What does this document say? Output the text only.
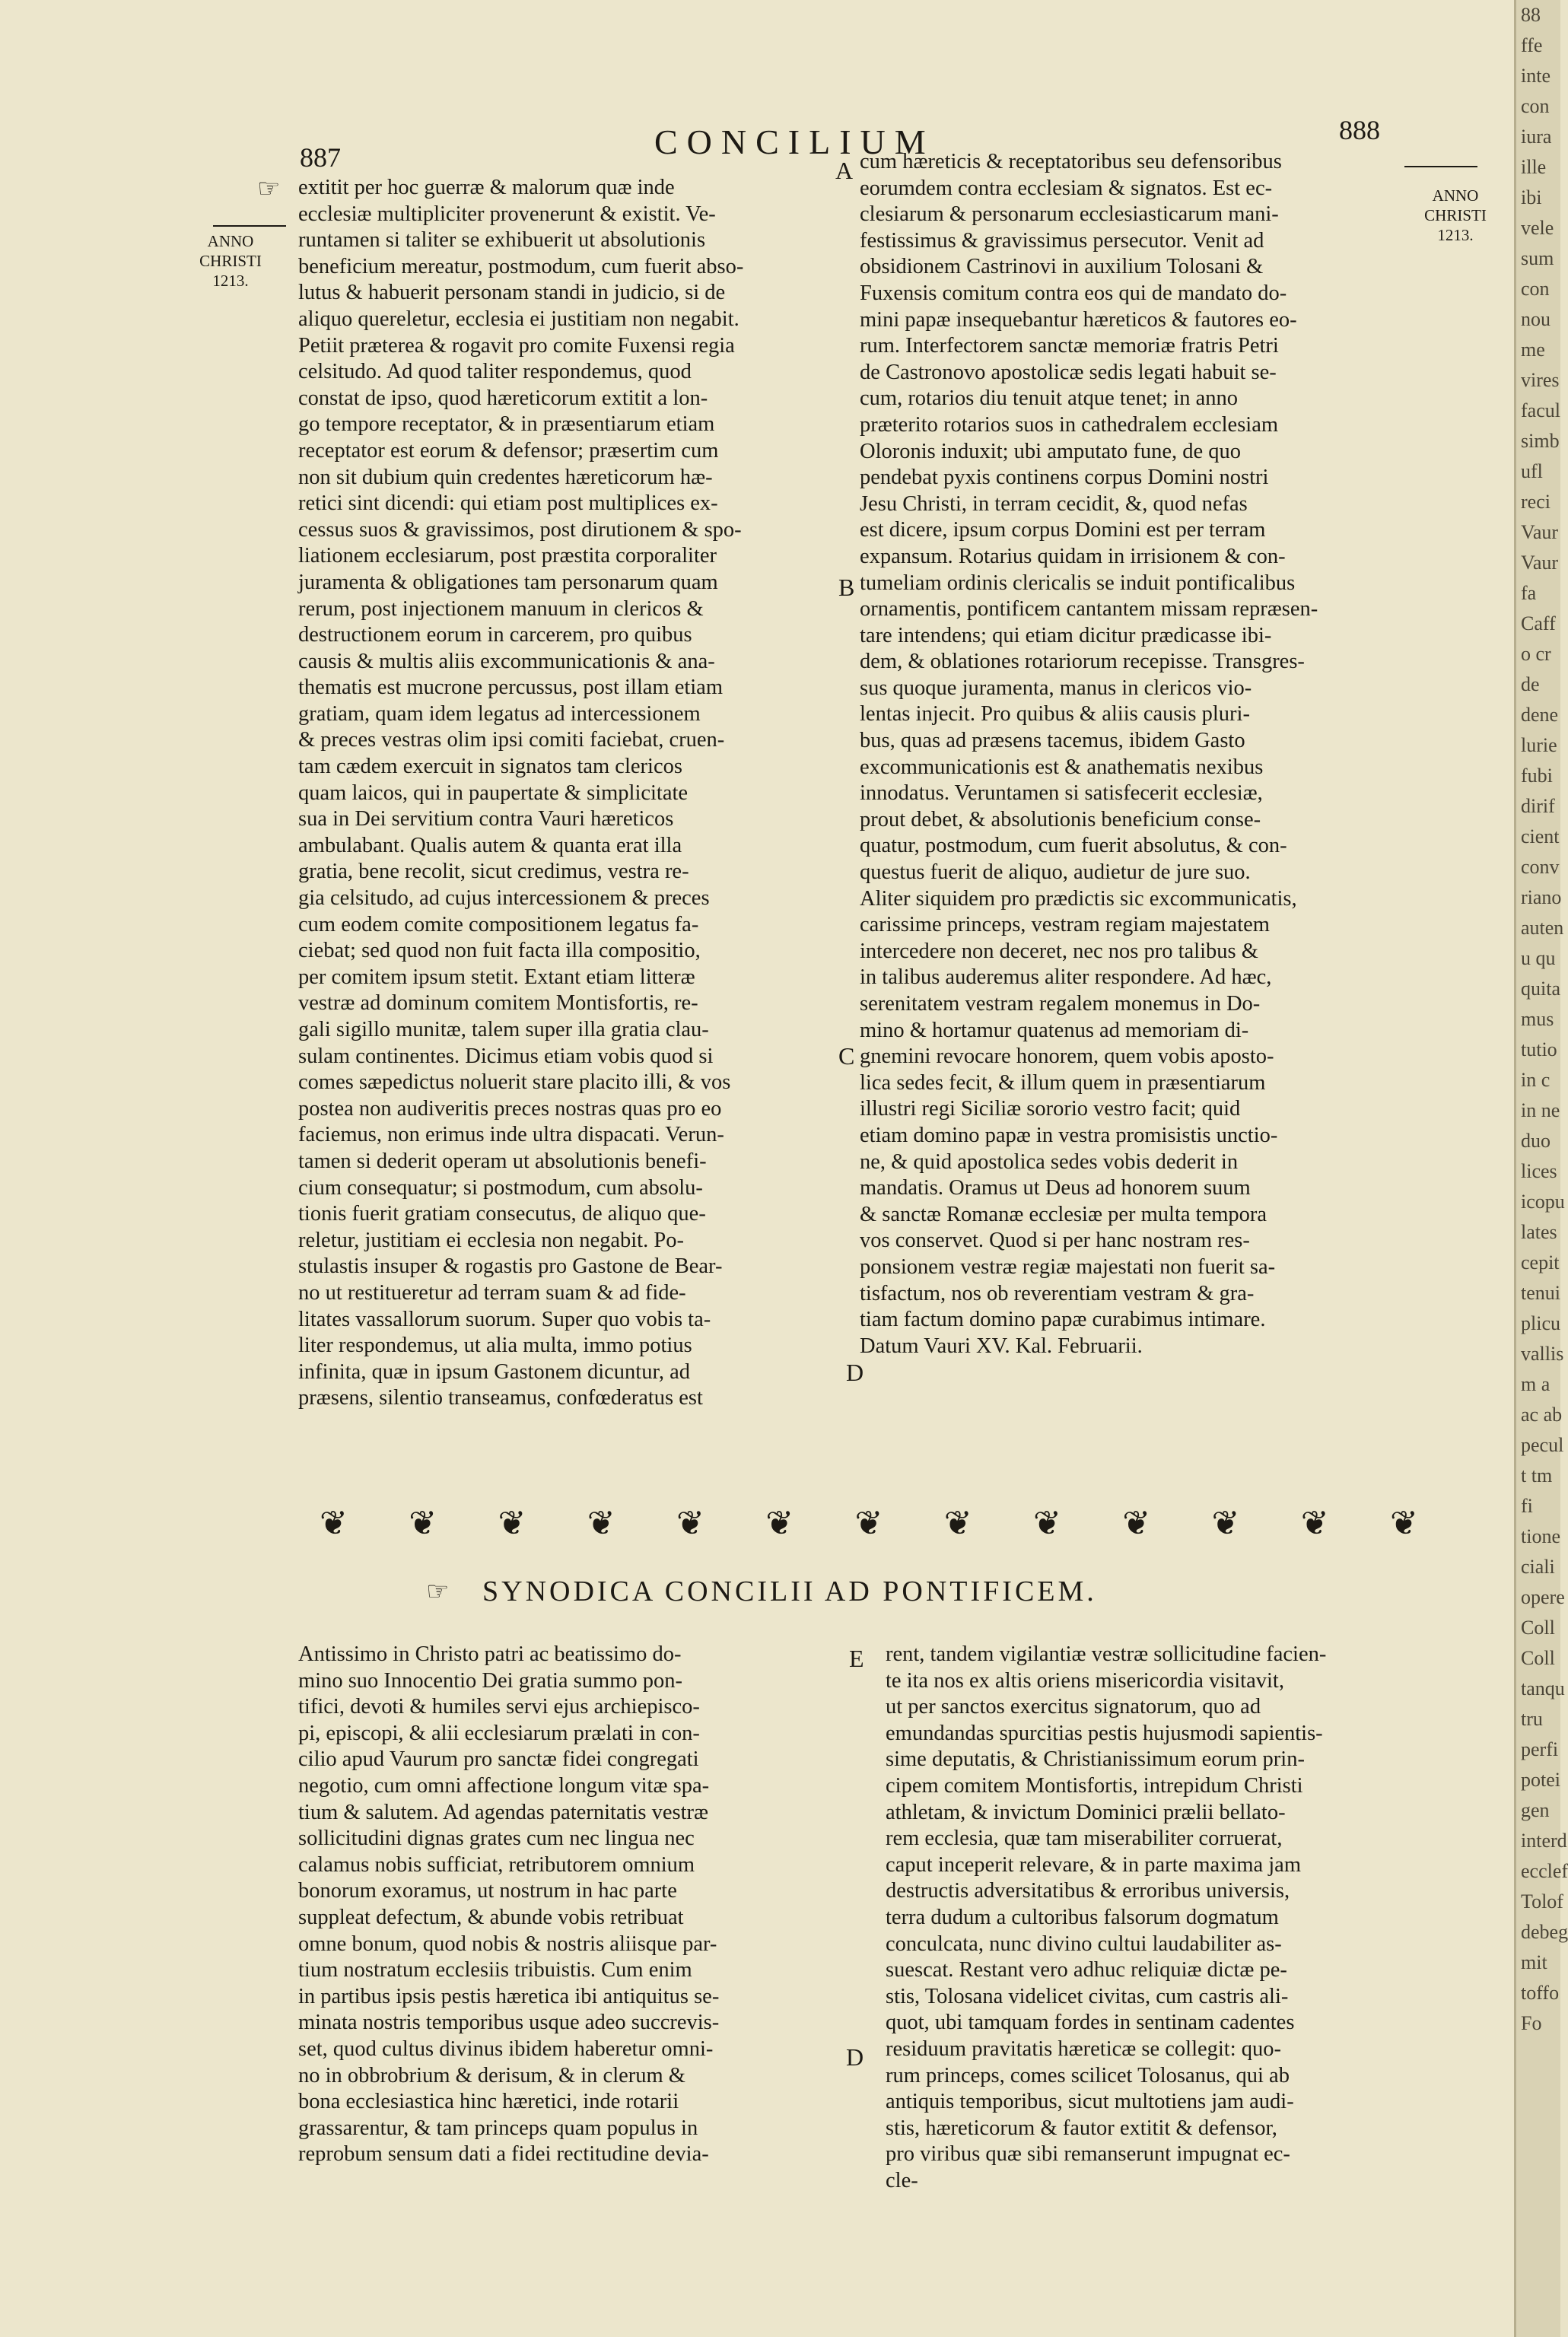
887	CONCILIUM	888
☞
ANNO
CHRISTI
1213.
ANNO
CHRISTI
1213.
A
B
C
D
E
extitit per hoc guerræ & malorum quæ inde
ecclesiæ multipliciter provenerunt & existit. Ve-
runtamen si taliter se exhibuerit ut absolutionis
beneficium mereatur, postmodum, cum fuerit abso-
lutus & habuerit personam standi in judicio, si de
aliquo quereletur, ecclesia ei justitiam non negabit.
Petiit præterea & rogavit pro comite Fuxensi regia
celsitudo. Ad quod taliter respondemus, quod
constat de ipso, quod hæreticorum extitit a lon-
go tempore receptator, & in præsentiarum etiam
receptator est eorum & defensor; præsertim cum
non sit dubium quin credentes hæreticorum hæ-
retici sint dicendi: qui etiam post multiplices ex-
cessus suos & gravissimos, post dirutionem & spo-
liationem ecclesiarum, post præstita corporaliter
juramenta & obligationes tam personarum quam
rerum, post injectionem manuum in clericos &
destructionem eorum in carcerem, pro quibus
causis & multis aliis excommunicationis & ana-
thematis est mucrone percussus, post illam etiam
gratiam, quam idem legatus ad intercessionem
& preces vestras olim ipsi comiti faciebat, cruen-
tam cædem exercuit in signatos tam clericos
quam laicos, qui in paupertate & simplicitate
sua in Dei servitium contra Vauri hæreticos
ambulabant. Qualis autem & quanta erat illa
gratia, bene recolit, sicut credimus, vestra re-
gia celsitudo, ad cujus intercessionem & preces
cum eodem comite compositionem legatus fa-
ciebat; sed quod non fuit facta illa compositio,
per comitem ipsum stetit. Extant etiam litteræ
vestræ ad dominum comitem Montisfortis, re-
gali sigillo munitæ, talem super illa gratia clau-
sulam continentes. Dicimus etiam vobis quod si
comes sæpedictus noluerit stare placito illi, & vos
postea non audiveritis preces nostras quas pro eo
faciemus, non erimus inde ultra dispacati. Verun-
tamen si dederit operam ut absolutionis benefi-
cium consequatur; si postmodum, cum absolu-
tionis fuerit gratiam consecutus, de aliquo que-
reletur, justitiam ei ecclesia non negabit. Po-
stulastis insuper & rogastis pro Gastone de Bear-
no ut restitueretur ad terram suam & ad fide-
litates vassallorum suorum. Super quo vobis ta-
liter respondemus, ut alia multa, immo potius
infinita, quæ in ipsum Gastonem dicuntur, ad
præsens, silentio transeamus, confœderatus est
cum hæreticis & receptatoribus seu defensoribus
eorumdem contra ecclesiam & signatos. Est ec-
clesiarum & personarum ecclesiasticarum mani-
festissimus & gravissimus persecutor. Venit ad
obsidionem Castrinovi in auxilium Tolosani &
Fuxensis comitum contra eos qui de mandato do-
mini papæ insequebantur hæreticos & fautores eo-
rum. Interfectorem sanctæ memoriæ fratris Petri
de Castronovo apostolicæ sedis legati habuit se-
cum, rotarios diu tenuit atque tenet; in anno
præterito rotarios suos in cathedralem ecclesiam
Oloronis induxit; ubi amputato fune, de quo
pendebat pyxis continens corpus Domini nostri
Jesu Christi, in terram cecidit, &, quod nefas
est dicere, ipsum corpus Domini est per terram
expansum. Rotarius quidam in irrisionem & con-
tumeliam ordinis clericalis se induit pontificalibus
ornamentis, pontificem cantantem missam repræsen-
tare intendens; qui etiam dicitur prædicasse ibi-
dem, & oblationes rotariorum recepisse. Transgres-
sus quoque juramenta, manus in clericos vio-
lentas injecit. Pro quibus & aliis causis pluri-
bus, quas ad præsens tacemus, ibidem Gasto
excommunicationis est & anathematis nexibus
innodatus. Veruntamen si satisfecerit ecclesiæ,
prout debet, & absolutionis beneficium conse-
quatur, postmodum, cum fuerit absolutus, & con-
questus fuerit de aliquo, audietur de jure suo.
Aliter siquidem pro prædictis sic excommunicatis,
carissime princeps, vestram regiam majestatem
intercedere non deceret, nec nos pro talibus &
in talibus auderemus aliter respondere. Ad hæc,
serenitatem vestram regalem monemus in Do-
mino & hortamur quatenus ad memoriam di-
gnemini revocare honorem, quem vobis aposto-
lica sedes fecit, & illum quem in præsentiarum
illustri regi Siciliæ sororio vestro facit; quid
etiam domino papæ in vestra promisistis unctio-
ne, & quid apostolica sedes vobis dederit in
mandatis. Oramus ut Deus ad honorem suum
& sanctæ Romanæ ecclesiæ per multa tempora
vos conservet. Quod si per hanc nostram res-
ponsionem vestræ regiæ majestati non fuerit sa-
tisfactum, nos ob reverentiam vestram & gra-
tiam factum domino papæ curabimus intimare.
Datum Vauri XV. Kal. Februarii.
❦ ❦ ❦ ❦ ❦ ❦ ❦ ❦ ❦ ❦ ❦ ❦ ❦
☞ SYNODICA CONCILII AD PONTIFICEM.
Antissimo in Christo patri ac beatissimo do-
mino suo Innocentio Dei gratia summo pon-
tifici, devoti & humiles servi ejus archiepisco-
pi, episcopi, & alii ecclesiarum prælati in con-
cilio apud Vaurum pro sanctæ fidei congregati
negotio, cum omni affectione longum vitæ spa-
tium & salutem. Ad agendas paternitatis vestræ
sollicitudini dignas grates cum nec lingua nec
calamus nobis sufficiat, retributorem omnium
bonorum exoramus, ut nostrum in hac parte
suppleat defectum, & abunde vobis retribuat
omne bonum, quod nobis & nostris aliisque par-
tium nostratum ecclesiis tribuistis. Cum enim
in partibus ipsis pestis hæretica ibi antiquitus se-
minata nostris temporibus usque adeo succrevis-
set, quod cultus divinus ibidem haberetur omni-
no in obbrobrium & derisum, & in clerum &
bona ecclesiastica hinc hæretici, inde rotarii
grassarentur, & tam princeps quam populus in
reprobum sensum dati a fidei rectitudine devia-
rent, tandem vigilantiæ vestræ sollicitudine facien-
te ita nos ex altis oriens misericordia visitavit,
ut per sanctos exercitus signatorum, quo ad
emundandas spurcitias pestis hujusmodi sapientis-
sime deputatis, & Christianissimum eorum prin-
cipem comitem Montisfortis, intrepidum Christi
athletam, & invictum Dominici prælii bellato-
rem ecclesia, quæ tam miserabiliter corruerat,
caput inceperit relevare, & in parte maxima jam
destructis adversitatibus & erroribus universis,
terra dudum a cultoribus falsorum dogmatum
conculcata, nunc divino cultui laudabiliter as-
suescat. Restant vero adhuc reliquiæ dictæ pe-
stis, Tolosana videlicet civitas, cum castris ali-
quot, ubi tamquam fordes in sentinam cadentes
residuum pravitatis hæreticæ se collegit: quo-
rum princeps, comes scilicet Tolosanus, qui ab
antiquis temporibus, sicut multotiens jam audi-
stis, hæreticorum & fautor extitit & defensor,
pro viribus quæ sibi remanserunt impugnat ec-
cle-
D
88
ffe
inte
con
iura
ille
ibi
vele
sum
con
nou
me
vires
facul
simb
ufl
reci
Vaur
Vaur
fa
Caff
o cr
de
dene
lurie
fubi
dirif
cient
conv
riano
auten
u qu
quita
mus
tutio
in c
in ne
duo
lices
icopu
lates
cepit
tenui
plicu
vallis
m a
ac ab
pecul
t tm
fi
tione
ciali
opere
Coll
Coll
tanqu
tru
perfi
potei
gen
interd
ecclef
Tolof
debeg
mit
toffo
Fo
